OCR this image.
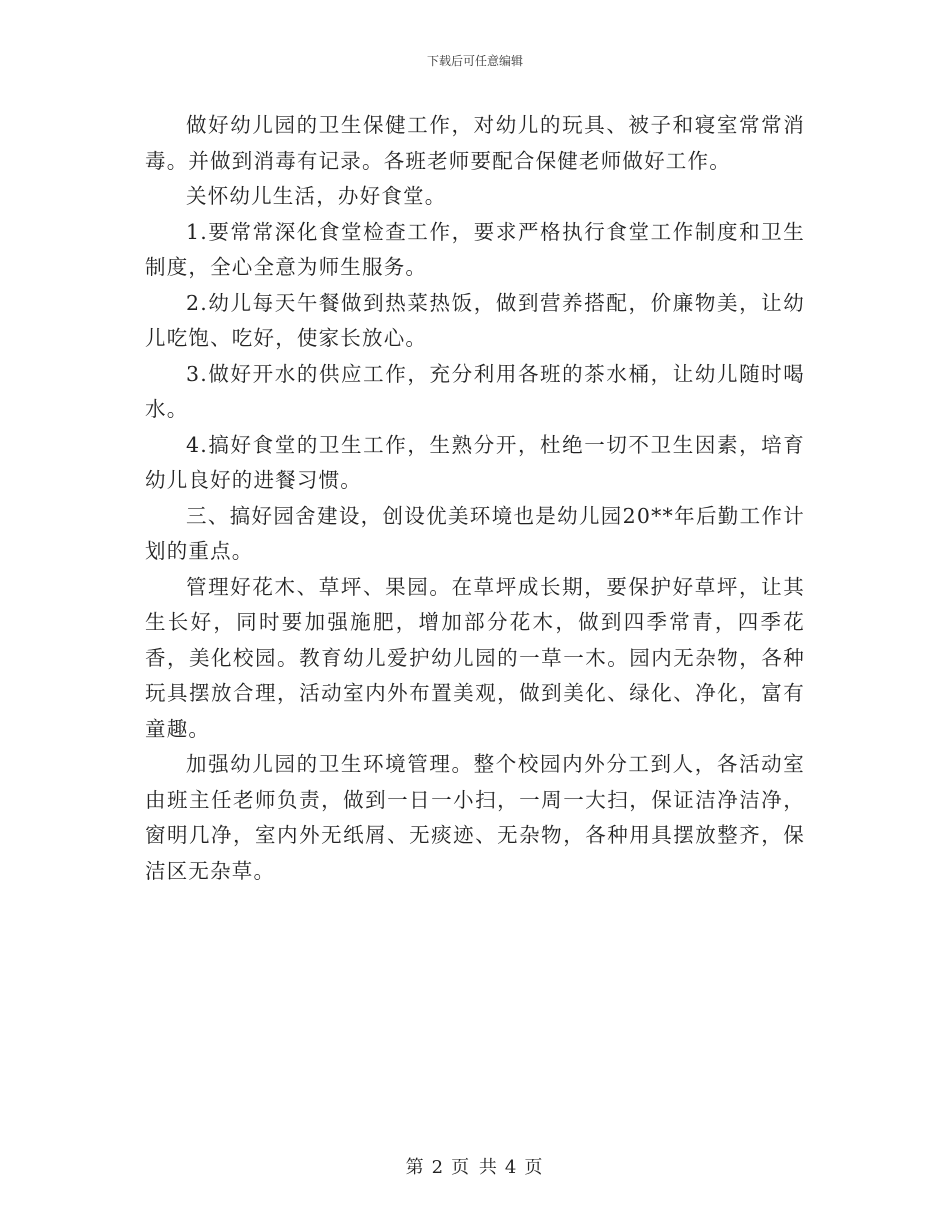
下载后可任意编辑

做好幼儿园的卫生保健工作，对幼儿的玩具、被子和寝室常常消毒。并做到消毒有记录。各班老师要配合保健老师做好工作。

关怀幼儿生活，办好食堂。

1.要常常深化食堂检查工作，要求严格执行食堂工作制度和卫生制度，全心全意为师生服务。

2.幼儿每天午餐做到热菜热饭，做到营养搭配，价廉物美，让幼儿吃饱、吃好，使家长放心。

3.做好开水的供应工作，充分利用各班的茶水桶，让幼儿随时喝水。

4.搞好食堂的卫生工作，生熟分开，杜绝一切不卫生因素，培育幼儿良好的进餐习惯。

三、搞好园舍建设，创设优美环境也是幼儿园20**年后勤工作计划的重点。

管理好花木、草坪、果园。在草坪成长期，要保护好草坪，让其生长好，同时要加强施肥，增加部分花木，做到四季常青，四季花香，美化校园。教育幼儿爱护幼儿园的一草一木。园内无杂物，各种玩具摆放合理，活动室内外布置美观，做到美化、绿化、净化，富有童趣。

加强幼儿园的卫生环境管理。整个校园内外分工到人，各活动室由班主任老师负责，做到一日一小扫，一周一大扫，保证洁净洁净，窗明几净，室内外无纸屑、无痰迹、无杂物，各种用具摆放整齐，保洁区无杂草。

第 2 页 共 4 页
